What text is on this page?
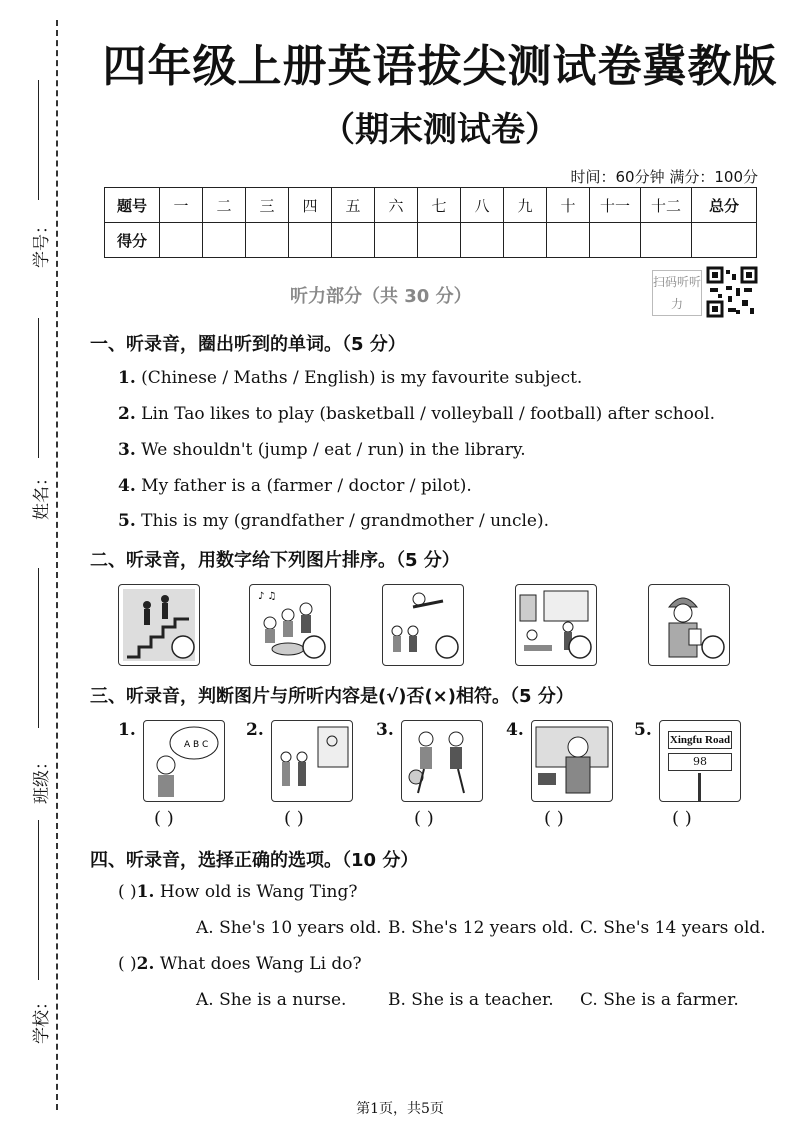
学号：
姓名：
班级：
学校：
四年级上册英语拔尖测试卷冀教版
（期末测试卷）
时间：60分钟 满分：100分
题号	一	二	三	四	五	六	七	八	九	十	十一	十二	总分
得分													
听力部分（共 30 分）
扫码听听力
一、听录音，圈出听到的单词。（5 分）
1. (Chinese / Maths / English) is my favourite subject.
2. Lin Tao likes to play (basketball / volleyball / football) after school.
3. We shouldn't (jump / eat / run) in the library.
4. My father is a (farmer / doctor / pilot).
5. This is my (grandfather / grandmother / uncle).
二、听录音，用数字给下列图片排序。（5 分）
♪ ♫
三、听录音，判断图片与所听内容是(√)否(×)相符。（5 分）
1.
A B C
2.	3.	4.	5. Xingfu Road
98
( )	( )	( )	( )	( )
四、听录音，选择正确的选项。（10 分）
( )1. How old is Wang Ting?
A. She's 10 years old. B. She's 12 years old. C. She's 14 years old.
( )2. What does Wang Li do?
A. She is a nurse. B. She is a teacher. C. She is a farmer.
第1页，共5页
